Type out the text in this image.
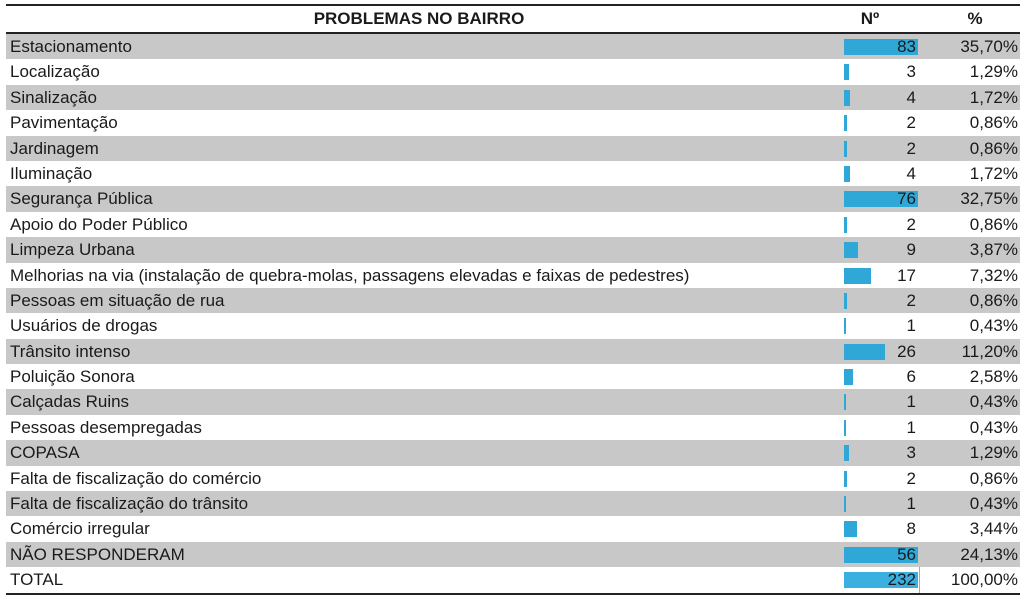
PROBLEMAS NO BAIRRO	Nº	%
Estacionamento	83	35,70%
Localização	3	1,29%
Sinalização	4	1,72%
Pavimentação	2	0,86%
Jardinagem	2	0,86%
Iluminação	4	1,72%
Segurança Pública	76	32,75%
Apoio do Poder Público	2	0,86%
Limpeza Urbana	9	3,87%
Melhorias na via (instalação de quebra-molas, passagens elevadas e faixas de pedestres)	17	7,32%
Pessoas em situação de rua	2	0,86%
Usuários de drogas	1	0,43%
Trânsito intenso	26	11,20%
Poluição Sonora	6	2,58%
Calçadas Ruins	1	0,43%
Pessoas desempregadas	1	0,43%
COPASA	3	1,29%
Falta de fiscalização do comércio	2	0,86%
Falta de fiscalização do trânsito	1	0,43%
Comércio irregular	8	3,44%
NÃO RESPONDERAM	56	24,13%
TOTAL	232	100,00%
